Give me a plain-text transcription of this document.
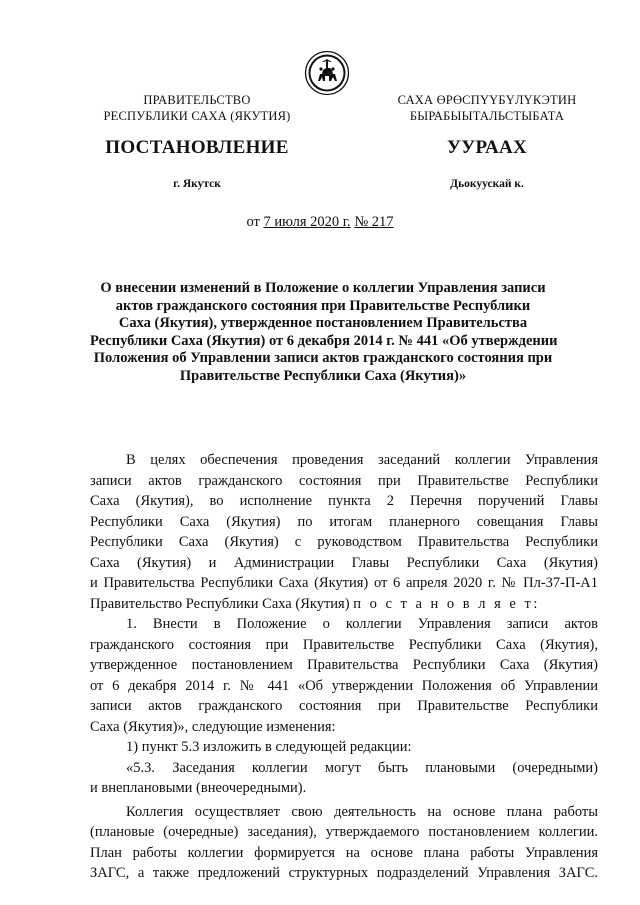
ПРАВИТЕЛЬСТВО
РЕСПУБЛИКИ САХА (ЯКУТИЯ)
САХА ӨРӨСПҮҮБҮЛҮКЭТИН
БЫРАБЫЫТАЛЬСТЫБАТА
ПОСТАНОВЛЕНИЕ	УУРААХ
г. Якутск	Дьокуускай к.
от 7 июля 2020 г. № 217
О внесении изменений в Положение о коллегии Управления записи
актов гражданского состояния при Правительстве Республики
Саха (Якутия), утвержденное постановлением Правительства
Республики Саха (Якутия) от 6 декабря 2014 г. № 441 «Об утверждении
Положения об Управлении записи актов гражданского состояния при
Правительстве Республики Саха (Якутия)»
В целях обеспечения проведения заседаний коллегии Управления
записи актов гражданского состояния при Правительстве Республики
Саха (Якутия), во исполнение пункта 2 Перечня поручений Главы
Республики Саха (Якутия) по итогам планерного совещания Главы
Республики Саха (Якутия) с руководством Правительства Республики
Саха (Якутия) и Администрации Главы Республики Саха (Якутия)
и Правительства Республики Саха (Якутия) от 6 апреля 2020 г. № Пл-37-П-А1
Правительство Республики Саха (Якутия) п о с т а н о в л я е т:
1. Внести в Положение о коллегии Управления записи актов
гражданского состояния при Правительстве Республики Саха (Якутия),
утвержденное постановлением Правительства Республики Саха (Якутия)
от 6 декабря 2014 г. № 441 «Об утверждении Положения об Управлении
записи актов гражданского состояния при Правительстве Республики
Саха (Якутия)», следующие изменения:
1) пункт 5.3 изложить в следующей редакции:
«5.3. Заседания коллегии могут быть плановыми (очередными)
и внеплановыми (внеочередными).
Коллегия осуществляет свою деятельность на основе плана работы
(плановые (очередные) заседания), утверждаемого постановлением коллегии.
План работы коллегии формируется на основе плана работы Управления
ЗАГС, а также предложений структурных подразделений Управления ЗАГС.
